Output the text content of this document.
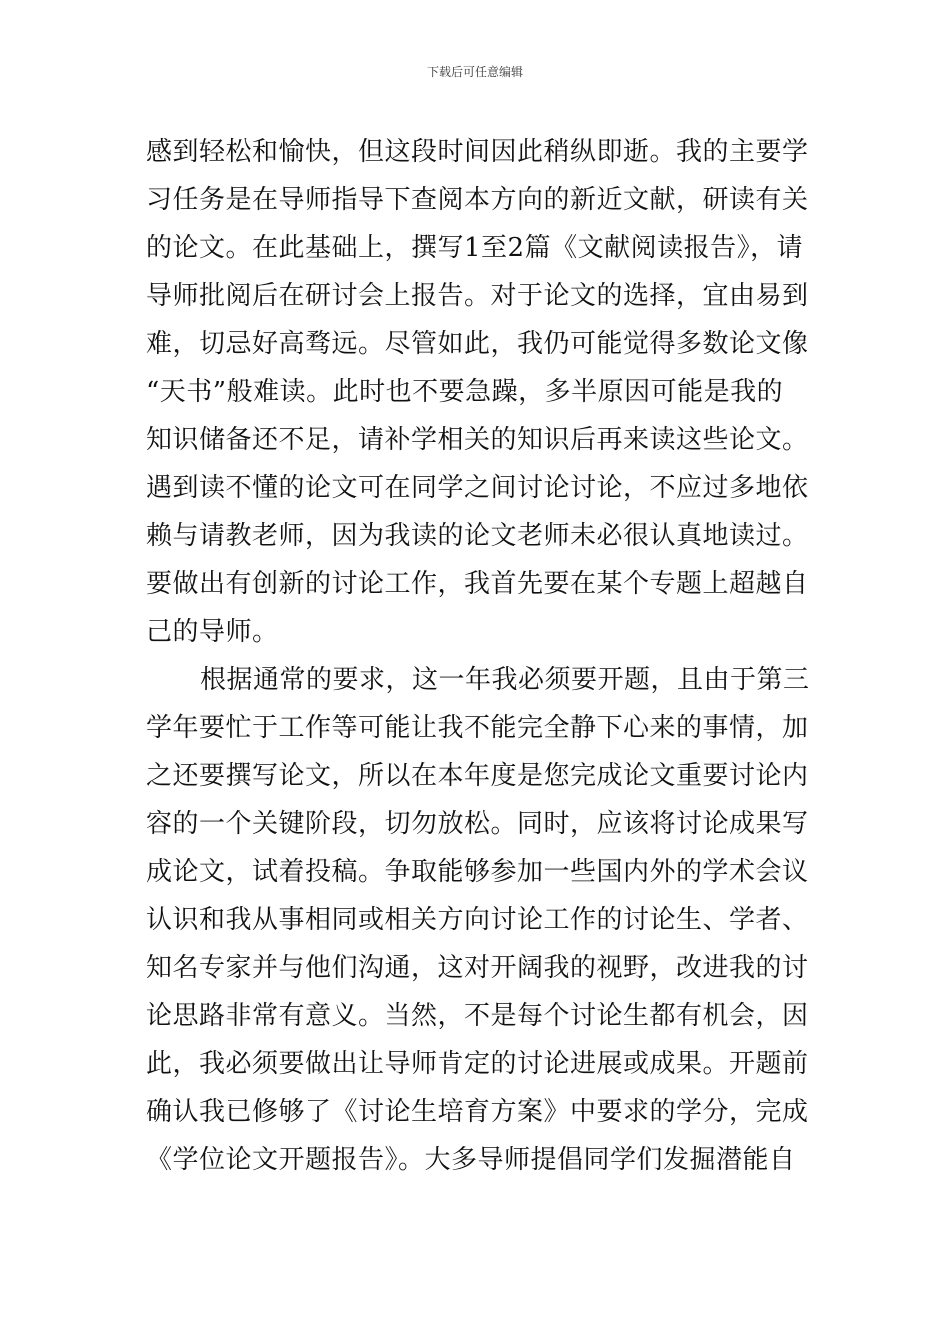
下载后可任意编辑
感到轻松和愉快，但这段时间因此稍纵即逝。我的主要学
习任务是在导师指导下查阅本方向的新近文献，研读有关
的论文。在此基础上，撰写1至2篇《文献阅读报告》，请
导师批阅后在研讨会上报告。对于论文的选择，宜由易到
难，切忌好高骛远。尽管如此，我仍可能觉得多数论文像
“天书”般难读。此时也不要急躁，多半原因可能是我的
知识储备还不足，请补学相关的知识后再来读这些论文。
遇到读不懂的论文可在同学之间讨论讨论，不应过多地依
赖与请教老师，因为我读的论文老师未必很认真地读过。
要做出有创新的讨论工作，我首先要在某个专题上超越自
己的导师。
根据通常的要求，这一年我必须要开题，且由于第三
学年要忙于工作等可能让我不能完全静下心来的事情，加
之还要撰写论文，所以在本年度是您完成论文重要讨论内
容的一个关键阶段，切勿放松。同时，应该将讨论成果写
成论文，试着投稿。争取能够参加一些国内外的学术会议
认识和我从事相同或相关方向讨论工作的讨论生、学者、
知名专家并与他们沟通，这对开阔我的视野，改进我的讨
论思路非常有意义。当然，不是每个讨论生都有机会，因
此，我必须要做出让导师肯定的讨论进展或成果。开题前
确认我已修够了《讨论生培育方案》中要求的学分，完成
《学位论文开题报告》。大多导师提倡同学们发掘潜能自
